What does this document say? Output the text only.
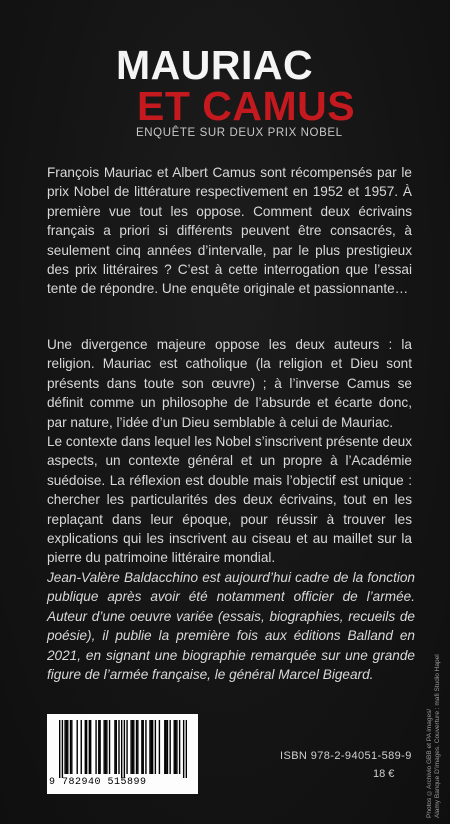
MAURIAC
ET CAMUS
ENQUÊTE SUR DEUX PRIX NOBEL

François Mauriac et Albert Camus sont récompensés par le prix Nobel de littérature respectivement en 1952 et 1957. À première vue tout les oppose. Comment deux écrivains français a priori si différents peuvent être consacrés, à seulement cinq années d’intervalle, par le plus prestigieux des prix littéraires ? C’est à cette interrogation que l’essai tente de répondre. Une enquête originale et passionnante…

Une divergence majeure oppose les deux auteurs : la religion. Mauriac est catholique (la religion et Dieu sont présents dans toute son œuvre) ; à l’inverse Camus se définit comme un philosophe de l’absurde et écarte donc, par nature, l’idée d’un Dieu semblable à celui de Mauriac.

Le contexte dans lequel les Nobel s’inscrivent présente deux aspects, un contexte général et un propre à l’Académie suédoise. La réflexion est double mais l’objectif est unique : chercher les particularités des deux écrivains, tout en les replaçant dans leur époque, pour réussir à trouver les explications qui les inscrivent au ciseau et au maillet sur la pierre du patrimoine littéraire mondial.

Jean-Valère Baldacchino est aujourd’hui cadre de la fonction publique après avoir été notamment officier de l’armée. Auteur d’une oeuvre variée (essais, biographies, recueils de poésie), il publie la première fois aux éditions Balland en 2021, en signant une biographie remarquée sur une grande figure de l’armée française, le général Marcel Bigeard.

Photos ©Archivio GBB et PA images/
Alamy Banque D’images. Couverture : mafi Studio Hapel
9 782940 515899
ISBN 978-2-94051-589-9
18 €
